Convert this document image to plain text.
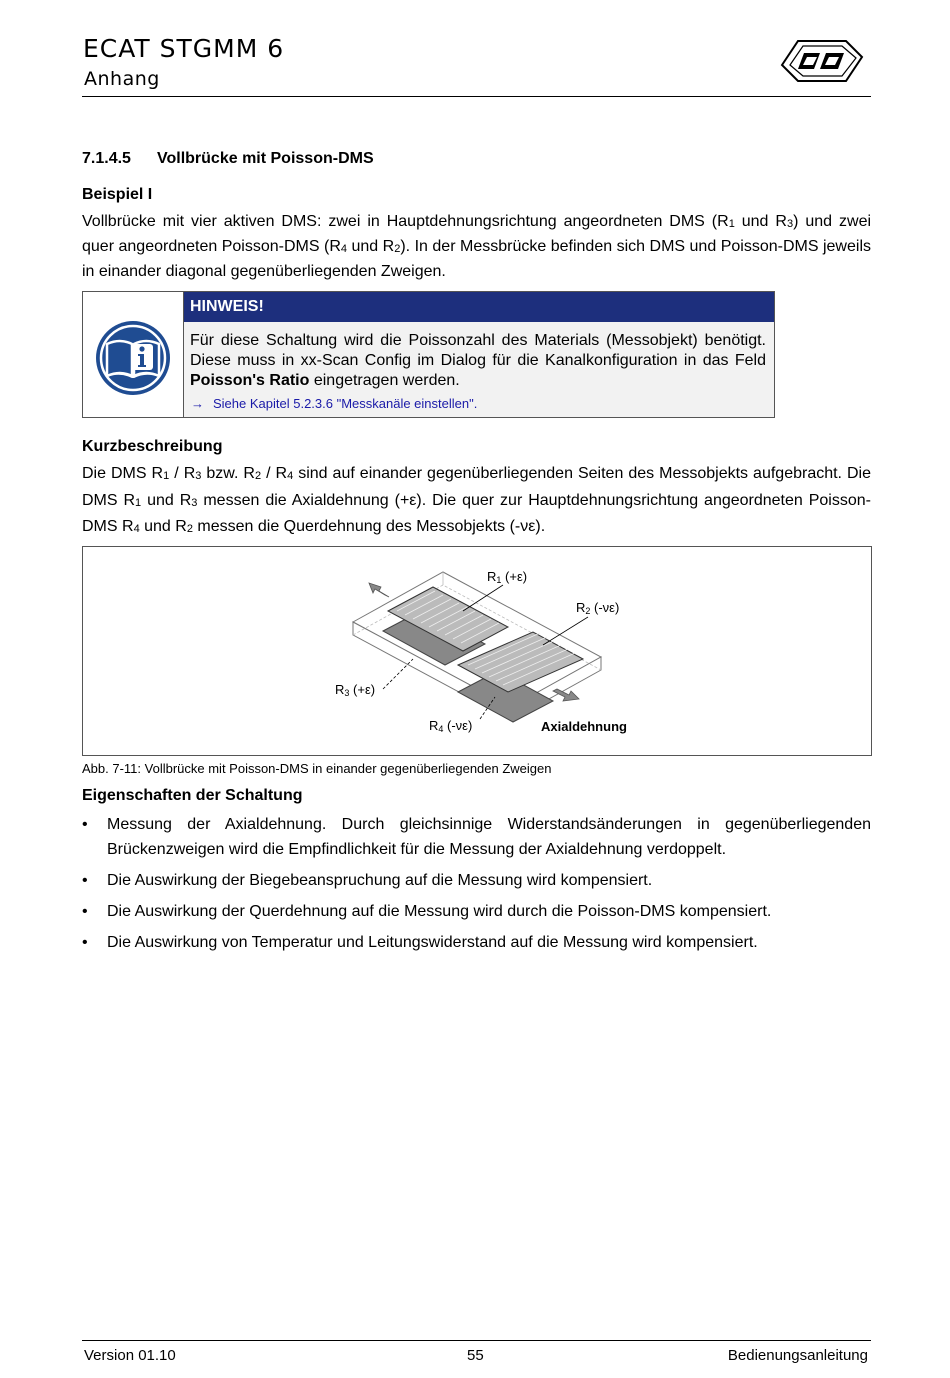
ECAT STGMM 6
Anhang
7.1.4.5 Vollbrücke mit Poisson-DMS
Beispiel I
Vollbrücke mit vier aktiven DMS: zwei in Hauptdehnungsrichtung angeordneten DMS ($R_1$ und $R_3$) und zwei quer angeordneten Poisson-DMS ($R_4$ und $R_2$). In der Messbrücke befinden sich DMS und Poisson-DMS jeweils in einander diagonal gegenüberliegenden Zweigen.
HINWEIS!
Für diese Schaltung wird die Poissonzahl des Materials (Messobjekt) benötigt. Diese muss in xx-Scan Config im Dialog für die Kanalkonfiguration in das Feld Poisson's Ratio eingetragen werden.
→ Siehe Kapitel 5.2.3.6 "Messkanäle einstellen".
Kurzbeschreibung
Die DMS $R_1 / R_3$ bzw. $R_2 / R_4$ sind auf einander gegenüberliegenden Seiten des Messobjekts aufgebracht. Die DMS $R_1$ und $R_3$ messen die Axialdehnung (+ε). Die quer zur Hauptdehnungsrichtung angeordneten Poisson-DMS $R_4$ und $R_2$ messen die Querdehnung des Messobjekts (-νε).
R1 (+ε)
R2 (-νε)
R3 (+ε)
R4 (-νε)	Axialdehnung
Abb. 7-11: Vollbrücke mit Poisson-DMS in einander gegenüberliegenden Zweigen
Eigenschaften der Schaltung
• Messung der Axialdehnung. Durch gleichsinnige Widerstandsänderungen in gegenüberliegenden Brückenzweigen wird die Empfindlichkeit für die Messung der Axialdehnung verdoppelt.
• Die Auswirkung der Biegebeanspruchung auf die Messung wird kompensiert.
• Die Auswirkung der Querdehnung auf die Messung wird durch die Poisson-DMS kompensiert.
• Die Auswirkung von Temperatur und Leitungswiderstand auf die Messung wird kompensiert.
Version 01.10	55	Bedienungsanleitung
